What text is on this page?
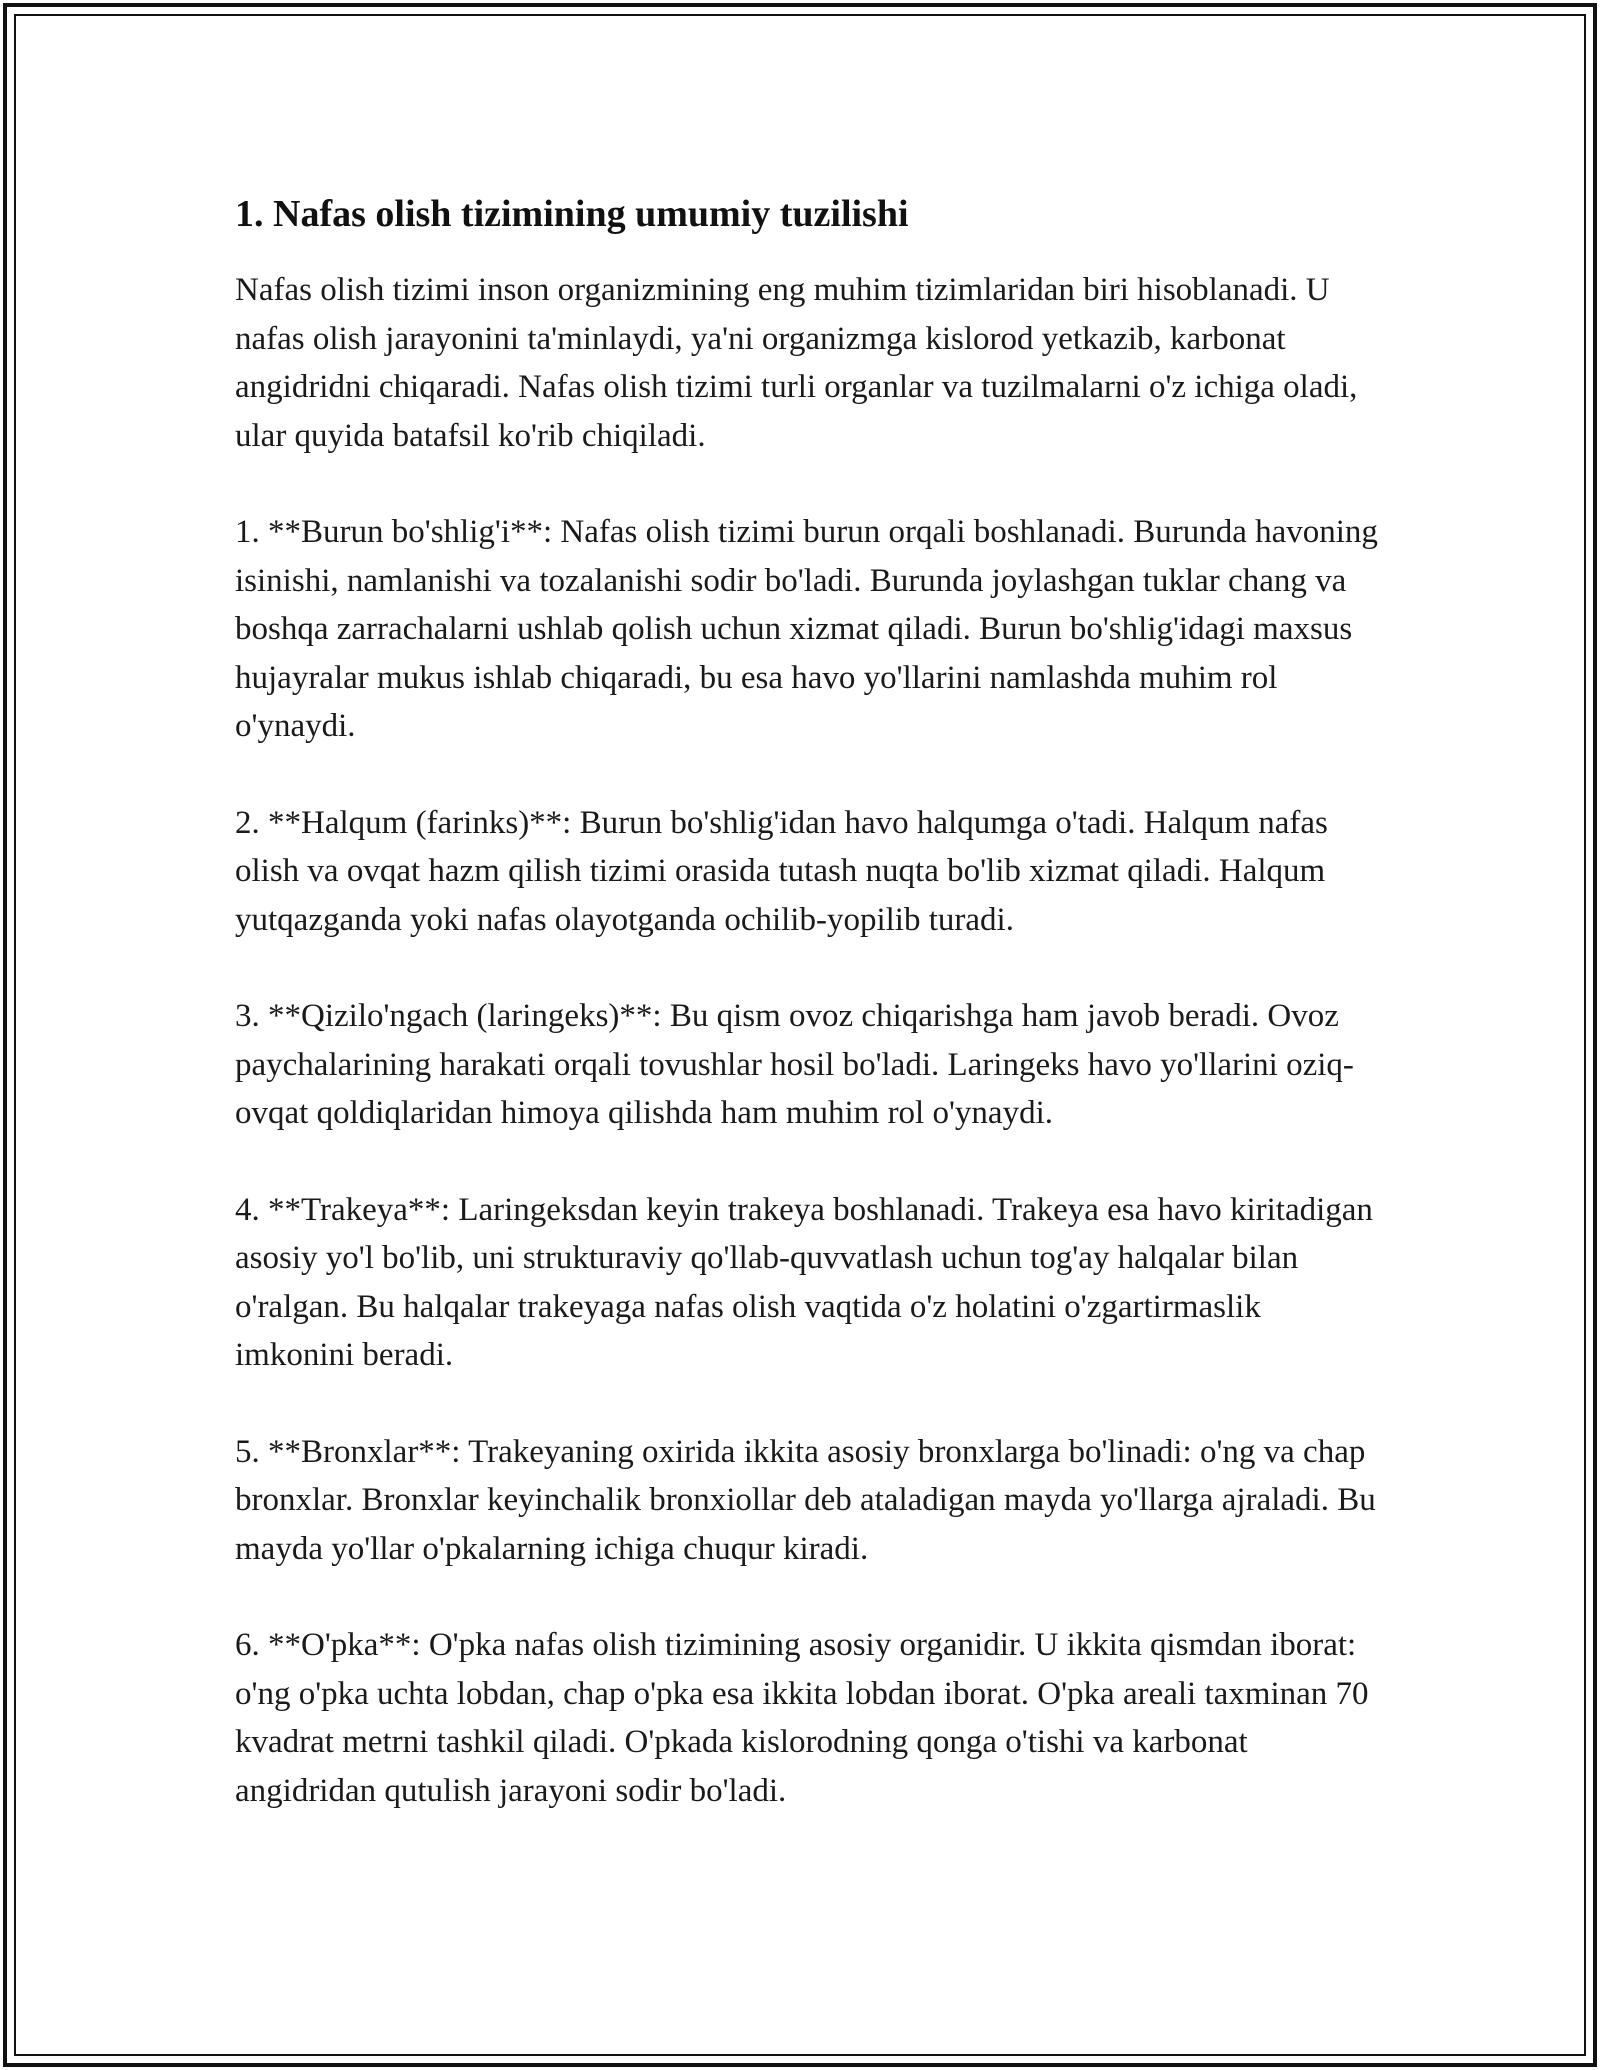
1. Nafas olish tizimining umumiy tuzilishi

Nafas olish tizimi inson organizmining eng muhim tizimlaridan biri hisoblanadi. U nafas olish jarayonini ta'minlaydi, ya'ni organizmga kislorod yetkazib, karbonat angidridni chiqaradi. Nafas olish tizimi turli organlar va tuzilmalarni o'z ichiga oladi, ular quyida batafsil ko'rib chiqiladi.

1. **Burun bo'shlig'i**: Nafas olish tizimi burun orqali boshlanadi. Burunda havoning isinishi, namlanishi va tozalanishi sodir bo'ladi. Burunda joylashgan tuklar chang va boshqa zarrachalarni ushlab qolish uchun xizmat qiladi. Burun bo'shlig'idagi maxsus hujayralar mukus ishlab chiqaradi, bu esa havo yo'llarini namlashda muhim rol o'ynaydi.

2. **Halqum (farinks)**: Burun bo'shlig'idan havo halqumga o'tadi. Halqum nafas olish va ovqat hazm qilish tizimi orasida tutash nuqta bo'lib xizmat qiladi. Halqum yutqazganda yoki nafas olayotganda ochilib-yopilib turadi.

3. **Qizilo'ngach (laringeks)**: Bu qism ovoz chiqarishga ham javob beradi. Ovoz paychalarining harakati orqali tovushlar hosil bo'ladi. Laringeks havo yo'llarini oziq-ovqat qoldiqlaridan himoya qilishda ham muhim rol o'ynaydi.

4. **Trakeya**: Laringeksdan keyin trakeya boshlanadi. Trakeya esa havo kiritadigan asosiy yo'l bo'lib, uni strukturaviy qo'llab-quvvatlash uchun tog'ay halqalar bilan o'ralgan. Bu halqalar trakeyaga nafas olish vaqtida o'z holatini o'zgartirmaslik imkonini beradi.

5. **Bronxlar**: Trakeyaning oxirida ikkita asosiy bronxlarga bo'linadi: o'ng va chap bronxlar. Bronxlar keyinchalik bronxiollar deb ataladigan mayda yo'llarga ajraladi. Bu mayda yo'llar o'pkalarning ichiga chuqur kiradi.

6. **O'pka**: O'pka nafas olish tizimining asosiy organidir. U ikkita qismdan iborat: o'ng o'pka uchta lobdan, chap o'pka esa ikkita lobdan iborat. O'pka areali taxminan 70 kvadrat metrni tashkil qiladi. O'pkada kislorodning qonga o'tishi va karbonat angidridan qutulish jarayoni sodir bo'ladi.
